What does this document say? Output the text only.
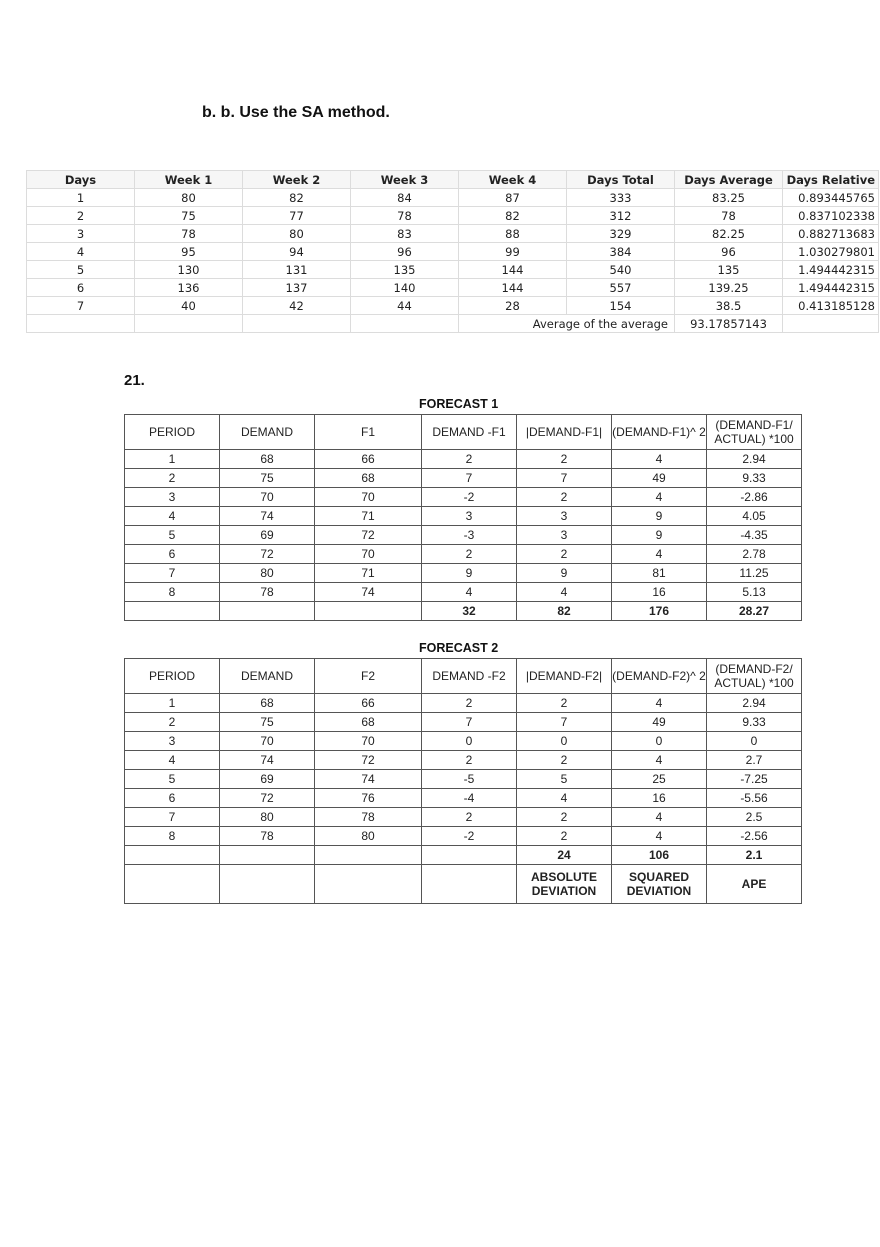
b. b. Use the SA method.
Days	Week 1	Week 2	Week 3	Week 4	Days Total	Days Average	Days Relative
1	80	82	84	87	333	83.25	0.893445765
2	75	77	78	82	312	78	0.837102338
3	78	80	83	88	329	82.25	0.882713683
4	95	94	96	99	384	96	1.030279801
5	130	131	135	144	540	135	1.494442315
6	136	137	140	144	557	139.25	1.494442315
7	40	42	44	28	154	38.5	0.413185128
				Average of the average		93.17857143	
21.
FORECAST 1
PERIOD	DEMAND	F1	DEMAND -F1	|DEMAND-F1|	(DEMAND-F1)^ 2	(DEMAND-F1/ ACTUAL) *100
1	68	66	2	2	4	2.94
2	75	68	7	7	49	9.33
3	70	70	-2	2	4	-2.86
4	74	71	3	3	9	4.05
5	69	72	-3	3	9	-4.35
6	72	70	2	2	4	2.78
7	80	71	9	9	81	11.25
8	78	74	4	4	16	5.13
			32	82	176	28.27
FORECAST 2
PERIOD	DEMAND	F2	DEMAND -F2	|DEMAND-F2|	(DEMAND-F2)^ 2	(DEMAND-F2/ ACTUAL) *100
1	68	66	2	2	4	2.94
2	75	68	7	7	49	9.33
3	70	70	0	0	0	0
4	74	72	2	2	4	2.7
5	69	74	-5	5	25	-7.25
6	72	76	-4	4	16	-5.56
7	80	78	2	2	4	2.5
8	78	80	-2	2	4	-2.56
				24	106	2.1
				ABSOLUTE DEVIATION	SQUARED DEVIATION	APE
